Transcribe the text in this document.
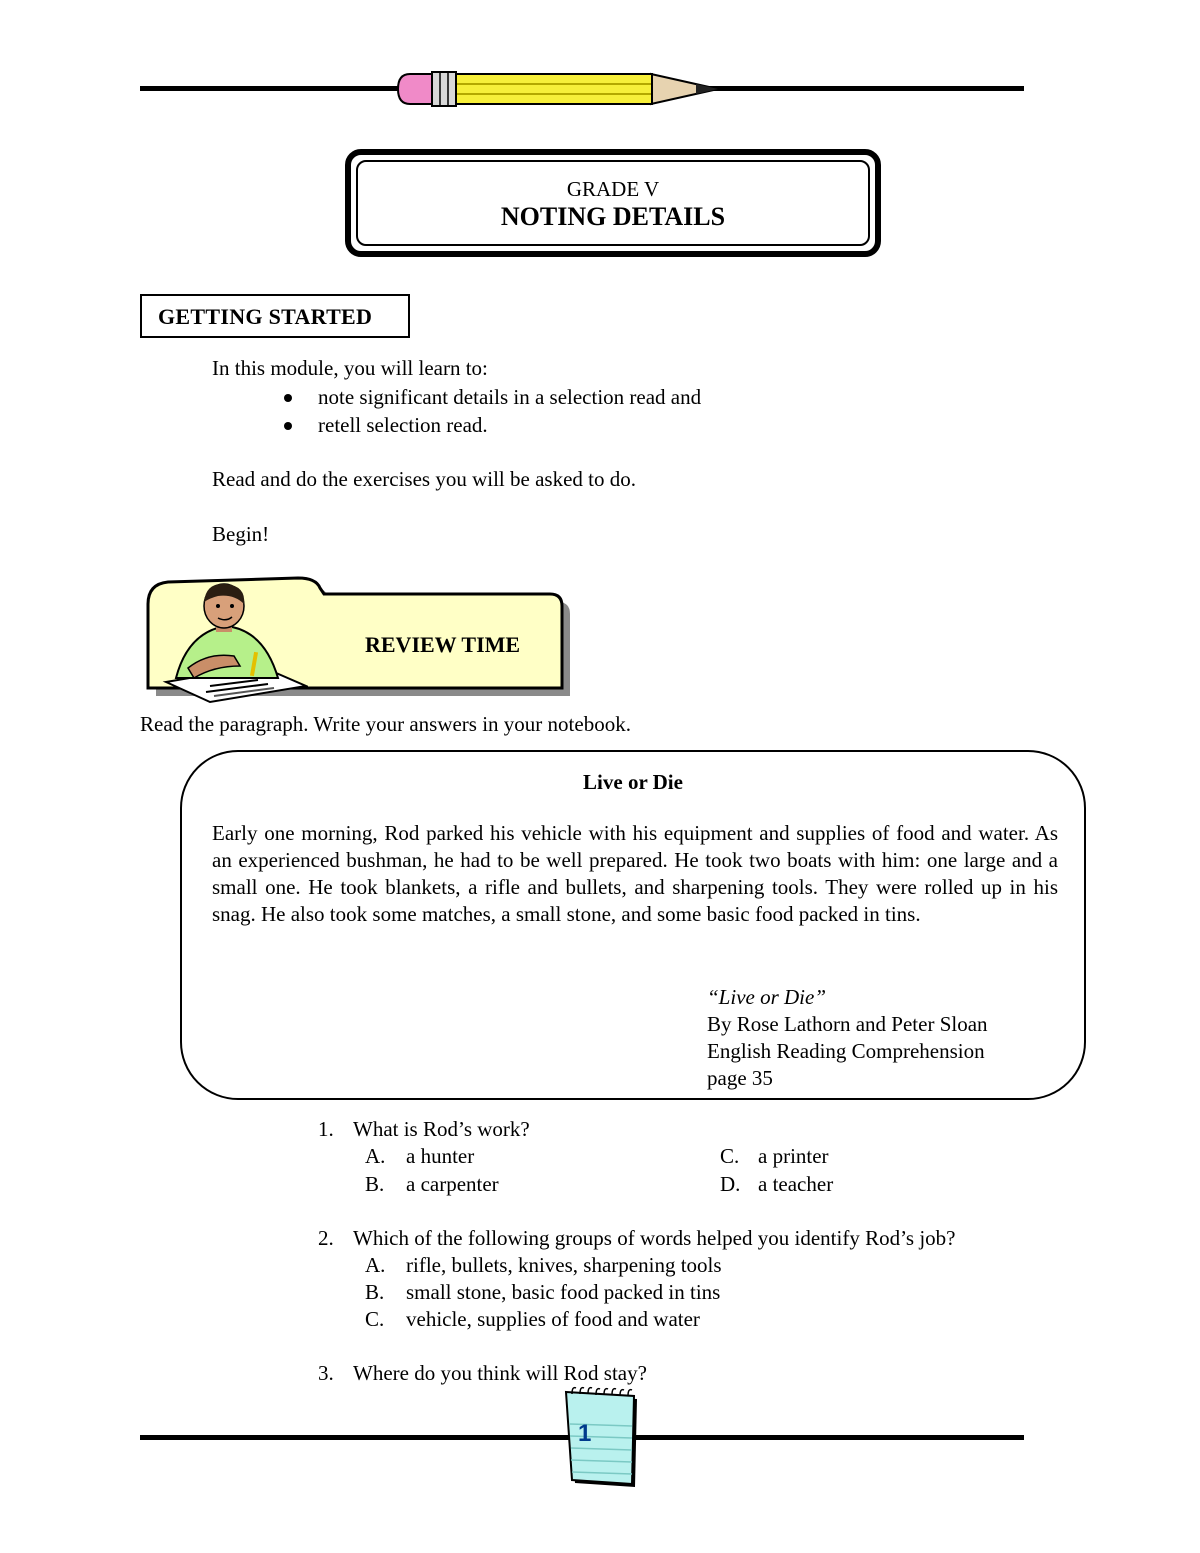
GRADE V
NOTING DETAILS
GETTING STARTED
In this module, you will learn to:
note significant details in a selection read and
retell selection read.
Read and do the exercises you will be asked to do.
Begin!
REVIEW TIME
Read the paragraph. Write your answers in your notebook.
Live or Die
Early one morning, Rod parked his vehicle with his equipment and supplies of food and water. As an experienced bushman, he had to be well prepared. He took two boats with him: one large and a small one. He took blankets, a rifle and bullets, and sharpening tools. They were rolled up in his snag. He also took some matches, a small stone, and some basic food packed in tins.
“Live or Die”
By Rose Lathorn and Peter Sloan
English Reading Comprehension
page 35
1. What is Rod’s work?
A. a hunter
B. a carpenter
C. a printer
D. a teacher
2. Which of the following groups of words helped you identify Rod’s job?
A. rifle, bullets, knives, sharpening tools
B. small stone, basic food packed in tins
C. vehicle, supplies of food and water
3. Where do you think will Rod stay?
1
